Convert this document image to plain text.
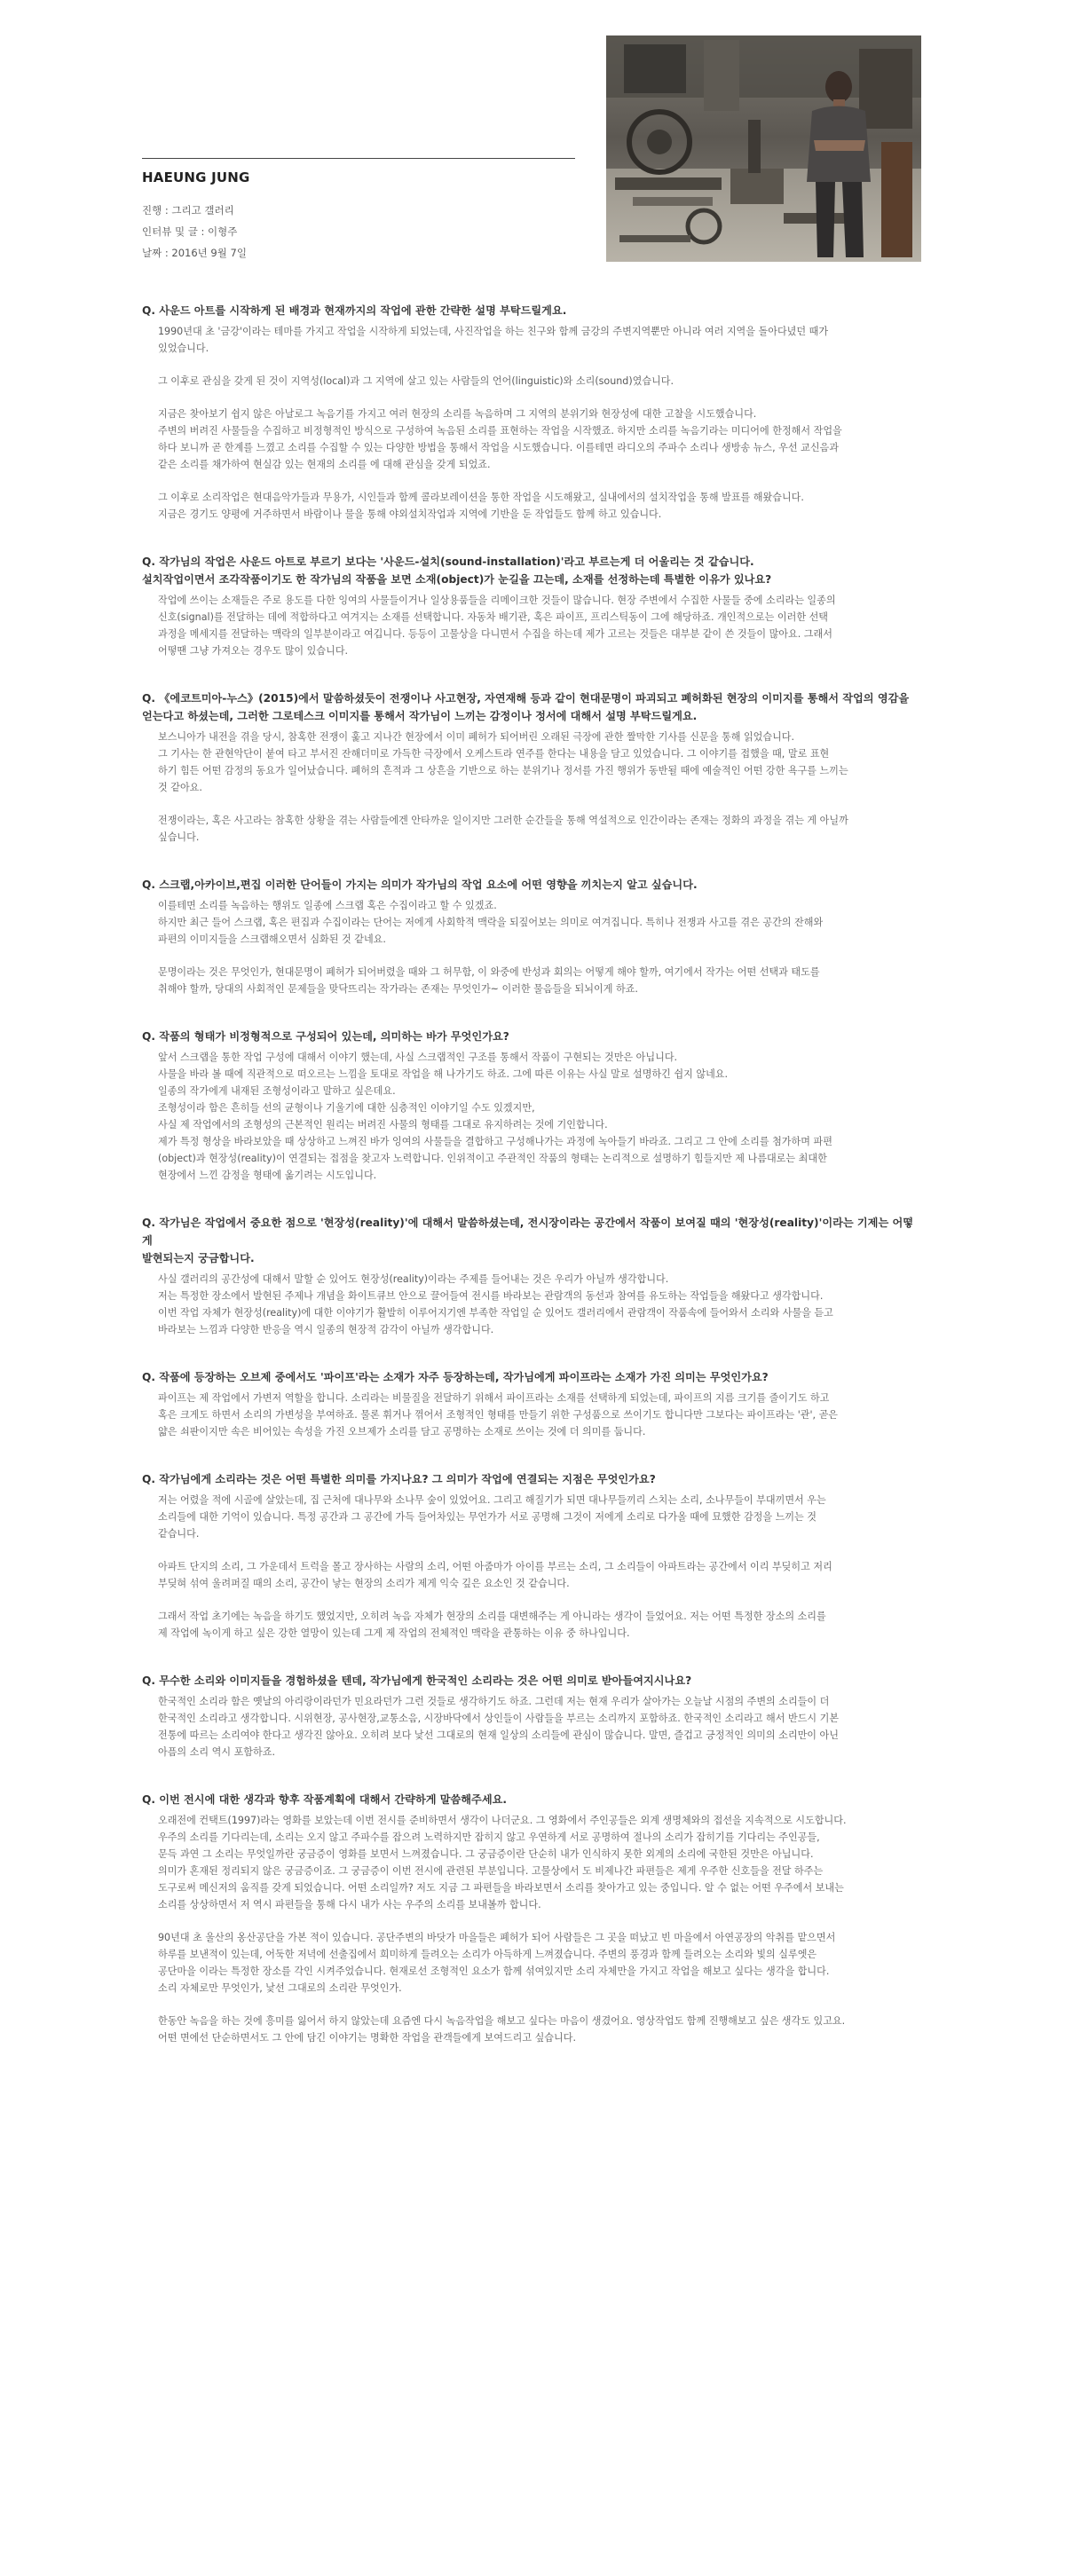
HAEUNG JUNG
진행 : 그리고 갤러리
인터뷰 및 글 : 이형주
날짜 : 2016년 9월 7일
Q. 사운드 아트를 시작하게 된 배경과 현재까지의 작업에 관한 간략한 설명 부탁드릴게요.

1990년대 초 '금강'이라는 테마를 가지고 작업을 시작하게 되었는데, 사진작업을 하는 친구와 함께 금강의 주변지역뿐만 아니라 여러 지역을 돌아다녔던 때가
있었습니다.

그 이후로 관심을 갖게 된 것이 지역성(local)과 그 지역에 살고 있는 사람들의 언어(linguistic)와 소리(sound)였습니다.

지금은 찾아보기 쉽지 않은 아날로그 녹음기를 가지고 여러 현장의 소리를 녹음하며 그 지역의 분위기와 현장성에 대한 고찰을 시도했습니다.
주변의 버려진 사물들을 수집하고 비정형적인 방식으로 구성하여 녹음된 소리를 표현하는 작업을 시작했죠. 하지만 소리를 녹음기라는 미디어에 한정해서 작업을
하다 보니까 곧 한계를 느꼈고 소리를 수집할 수 있는 다양한 방법을 통해서 작업을 시도했습니다. 이를테면 라디오의 주파수 소리나 생방송 뉴스, 우선 교신음과
같은 소리를 채가하여 현실감 있는 현재의 소리를 에 대해 관심을 갖게 되었죠.

그 이후로 소리작업은 현대음악가들과 무용가, 시인들과 함께 콜라보레이션을 통한 작업을 시도해왔고, 실내에서의 설치작업을 통해 발표를 해왔습니다.
지금은 경기도 양평에 거주하면서 바람이나 물을 통해 야외설치작업과 지역에 기반을 둔 작업들도 함께 하고 있습니다.

Q. 작가님의 작업은 사운드 아트로 부르기 보다는 '사운드-설치(sound-installation)'라고 부르는게 더 어울리는 것 같습니다.
설치작업이면서 조각작품이기도 한 작가님의 작품을 보면 소재(object)가 눈길을 끄는데, 소재를 선정하는데 특별한 이유가 있나요?

작업에 쓰이는 소재들은 주로 용도를 다한 잉여의 사물들이거나 일상용품들을 리메이크한 것들이 많습니다. 현장 주변에서 수집한 사물들 중에 소리라는 일종의
신호(signal)를 전달하는 데에 적합하다고 여겨지는 소재를 선택합니다. 자동차 배기관, 혹은 파이프, 프리스틱동이 그에 해당하죠. 개인적으로는 이러한 선택
과정을 메세지를 전달하는 맥락의 일부분이라고 여깁니다. 등등이 고물상을 다니면서 수집을 하는데 제가 고르는 것들은 대부분 같이 쓴 것들이 많아요. 그래서
어떻땐 그냥 가져오는 경우도 많이 있습니다.

Q. 《에코트미아-누스》(2015)에서 말씀하셨듯이 전쟁이나 사고현장, 자연재해 등과 같이 현대문명이 파괴되고 폐허화된 현장의 이미지를 통해서 작업의 영감을
얻는다고 하셨는데, 그러한 그로테스크 이미지를 통해서 작가님이 느끼는 감정이나 정서에 대해서 설명 부탁드릴게요.

보스니아가 내전을 겪을 당시, 참혹한 전쟁이 훑고 지나간 현장에서 이미 폐허가 되어버린 오래된 극장에 관한 짤막한 기사를 신문을 통해 읽었습니다.
그 기사는 한 관현악단이 붙여 타고 부서진 잔해더미로 가득한 극장에서 오케스트라 연주를 한다는 내용을 담고 있었습니다. 그 이야기를 접했을 때, 말로 표현
하기 힘든 어떤 감정의 동요가 일어났습니다. 폐허의 흔적과 그 상흔을 기반으로 하는 분위기나 정서를 가진 행위가 동반될 때에 예술적인 어떤 강한 욕구를 느끼는
것 같아요.

전쟁이라는, 혹은 사고라는 참혹한 상황을 겪는 사람들에겐 안타까운 일이지만 그러한 순간들을 통해 역설적으로 인간이라는 존재는 정화의 과정을 겪는 게 아닐까
싶습니다.

Q. 스크랩,아카이브,편집 이러한 단어들이 가지는 의미가 작가님의 작업 요소에 어떤 영향을 끼치는지 알고 싶습니다.

이를테면 소리를 녹음하는 행위도 일종에 스크랩 혹은 수집이라고 할 수 있겠죠.
하지만 최근 들어 스크랩, 혹은 편집과 수집이라는 단어는 저에게 사회학적 맥락을 되짚어보는 의미로 여겨집니다. 특히나 전쟁과 사고를 겪은 공간의 잔해와
파편의 이미지들을 스크랩해오면서 심화된 것 같네요.

문명이라는 것은 무엇인가, 현대문명이 폐허가 되어버렸을 때와 그 허무함, 이 와중에 반성과 회의는 어떻게 해야 할까, 여기에서 작가는 어떤 선택과 태도를
취해야 할까, 당대의 사회적인 문제들을 맞닥뜨리는 작가라는 존재는 무엇인가~ 이러한 물음들을 되뇌이게 하죠.

Q. 작품의 형태가 비정형적으로 구성되어 있는데, 의미하는 바가 무엇인가요?

앞서 스크랩을 통한 작업 구성에 대해서 이야기 했는데, 사실 스크랩적인 구조를 통해서 작품이 구현되는 것만은 아닙니다.
사물을 바라 볼 때에 직관적으로 떠오르는 느낌을 토대로 작업을 해 나가기도 하죠. 그에 따른 이유는 사실 말로 설명하긴 쉽지 않네요.
일종의 작가에게 내재된 조형성이라고 말하고 싶은데요.
조형성이라 함은 흔히들 선의 균형이나 기울기에 대한 심층적인 이야기일 수도 있겠지만,
사실 제 작업에서의 조형성의 근본적인 원리는 버려진 사물의 형태를 그대로 유지하려는 것에 기인합니다.
제가 특정 형상을 바라보았을 때 상상하고 느껴진 바가 잉여의 사물들을 결합하고 구성해나가는 과정에 녹아들기 바라죠. 그리고 그 안에 소리를 첨가하며 파편
(object)과 현장성(reality)이 연결되는 접점을 찾고자 노력합니다. 인위적이고 주관적인 작품의 형태는 논리적으로 설명하기 힘들지만 제 나름대로는 최대한
현장에서 느낀 감정을 형태에 옮기려는 시도입니다.

Q. 작가님은 작업에서 중요한 점으로 '현장성(reality)'에 대해서 말씀하셨는데, 전시장이라는 공간에서 작품이 보여질 때의 '현장성(reality)'이라는 기제는 어떻게
발현되는지 궁금합니다.

사실 갤러리의 공간성에 대해서 말할 순 있어도 현장성(reality)이라는 주제를 들어내는 것은 우리가 아닐까 생각합니다.
저는 특정한 장소에서 발현된 주제나 개념을 화이트큐브 안으로 끌어들여 전시를 바라보는 관람객의 동선과 참여를 유도하는 작업들을 해왔다고 생각합니다.
이번 작업 자체가 현장성(reality)에 대한 이야기가 활발히 이루어지기엔 부족한 작업일 순 있어도 갤러리에서 관람객이 작품속에 들어와서 소리와 사물을 듣고
바라보는 느낌과 다양한 반응을 역시 일종의 현장적 감각이 아닐까 생각합니다.

Q. 작품에 등장하는 오브제 중에서도 '파이프'라는 소재가 자주 등장하는데, 작가님에게 파이프라는 소재가 가진 의미는 무엇인가요?

파이프는 제 작업에서 가변저 역할을 합니다. 소리라는 비물질을 전달하기 위해서 파이프라는 소재를 선택하게 되었는데, 파이프의 지름 크기를 줄이기도 하고
혹은 크게도 하면서 소리의 가변성을 부여하죠. 물론 휘거나 꺾어서 조형적인 형태를 만들기 위한 구성품으로 쓰이기도 합니다만 그보다는 파이프라는 '관', 곧은
얇은 쇠판이지만 속은 비어있는 속성을 가진 오브제가 소리를 담고 공명하는 소재로 쓰이는 것에 더 의미를 둡니다.

Q. 작가님에게 소리라는 것은 어떤 특별한 의미를 가지나요? 그 의미가 작업에 연결되는 지점은 무엇인가요?

저는 어렸을 적에 시골에 살았는데, 집 근처에 대나무와 소나무 숲이 있었어요. 그리고 해질기가 되면 대나무들끼리 스치는 소리, 소나무들이 부대끼면서 우는
소리들에 대한 기억이 있습니다. 특정 공간과 그 공간에 가득 들어차있는 무언가가 서로 공명해 그것이 저에게 소리로 다가올 때에 묘했한 감정을 느끼는 것
같습니다.

아파트 단지의 소리, 그 가운데서 트럭을 몰고 장사하는 사람의 소리, 어떤 아줌마가 아이를 부르는 소리, 그 소리들이 아파트라는 공간에서 이리 부딪히고 저리
부딪혀 섞여 울려퍼질 때의 소리, 공간이 낳는 현장의 소리가 제게 익숙 깊은 요소인 것 같습니다.

그래서 작업 초기에는 녹음을 하기도 했었지만, 오히려 녹음 자체가 현장의 소리를 대변해주는 게 아니라는 생각이 들었어요. 저는 어떤 특정한 장소의 소리를
제 작업에 녹이게 하고 싶은 강한 열망이 있는데 그게 제 작업의 전체적인 맥락을 관통하는 이유 중 하나입니다.

Q. 무수한 소리와 이미지들을 경험하셨을 텐데, 작가님에게 한국적인 소리라는 것은 어떤 의미로 받아들여지시나요?

한국적인 소리라 함은 옛날의 아리랑이라던가 민요라던가 그런 것들로 생각하기도 하죠. 그런데 저는 현재 우리가 살아가는 오늘날 시점의 주변의 소리들이 더
한국적인 소리라고 생각합니다. 시위현장, 공사현장,교통소음, 시장바닥에서 상인들이 사람들을 부르는 소리까지 포함하죠. 한국적인 소리라고 해서 반드시 기본
전통에 따르는 소리여야 한다고 생각진 않아요. 오히려 보다 낯선 그대로의 현재 일상의 소리들에 관심이 많습니다. 말면, 즐겁고 긍정적인 의미의 소리만이 아닌
아픔의 소리 역시 포함하죠.

Q. 이번 전시에 대한 생각과 향후 작품계획에 대해서 간략하게 말씀해주세요.

오래전에 컨택트(1997)라는 영화를 보았는데 이번 전시를 준비하면서 생각이 나더군요. 그 영화에서 주인공들은 외계 생명체와의 접선을 지속적으로 시도합니다.
우주의 소리를 기다리는데, 소리는 오지 않고 주파수를 잡으려 노력하지만 잡히지 않고 우연하게 서로 공명하여 절나의 소리가 잡히기를 기다리는 주인공들,
문득 과연 그 소리는 무엇일까란 궁금증이 영화를 보면서 느껴졌습니다. 그 궁금증이란 단순히 내가 인식하지 못한 외계의 소리에 국한된 것만은 아닙니다.
의미가 혼재된 정리되지 않은 궁금증이죠. 그 궁금증이 이번 전시에 관련된 부분입니다. 고물상에서 도 비제나간 파편들은 제게 우주한 신호들을 전달 하주는
도구로써 메신저의 움직를 갖게 되었습니다. 어떤 소리일까? 저도 지금 그 파편들을 바라보면서 소리를 찾아가고 있는 중입니다. 알 수 없는 어떤 우주에서 보내는
소리를 상상하면서 저 역시 파편들을 통해 다시 내가 사는 우주의 소리를 보내볼까 합니다.

90년대 초 울산의 옹산공단을 가본 적이 있습니다. 공단주변의 바닷가 마을들은 폐허가 되어 사람들은 그 곳을 떠났고 빈 마을에서 아연공장의 악취를 맡으면서
하루를 보낸적이 있는데, 어둑한 저녁에 선출집에서 희미하게 들려오는 소리가 아득하게 느껴졌습니다. 주변의 풍경과 함께 들려오는 소리와 빛의 실루엣은
공단마을 이라는 특정한 장소를 각인 시켜주었습니다. 현재로선 조형적인 요소가 함께 섞여있지만 소리 자체만을 가지고 작업을 해보고 싶다는 생각을 합니다.
소리 자체로만 무엇인가, 낯선 그대로의 소리란 무엇인가.

한동안 녹음을 하는 것에 흥미를 잃어서 하지 않았는데 요즘엔 다시 녹음작업을 해보고 싶다는 마음이 생겼어요. 영상작업도 함께 진행해보고 싶은 생각도 있고요.
어떤 면에선 단순하면서도 그 안에 담긴 이야기는 명확한 작업을 관객들에게 보여드리고 싶습니다.
